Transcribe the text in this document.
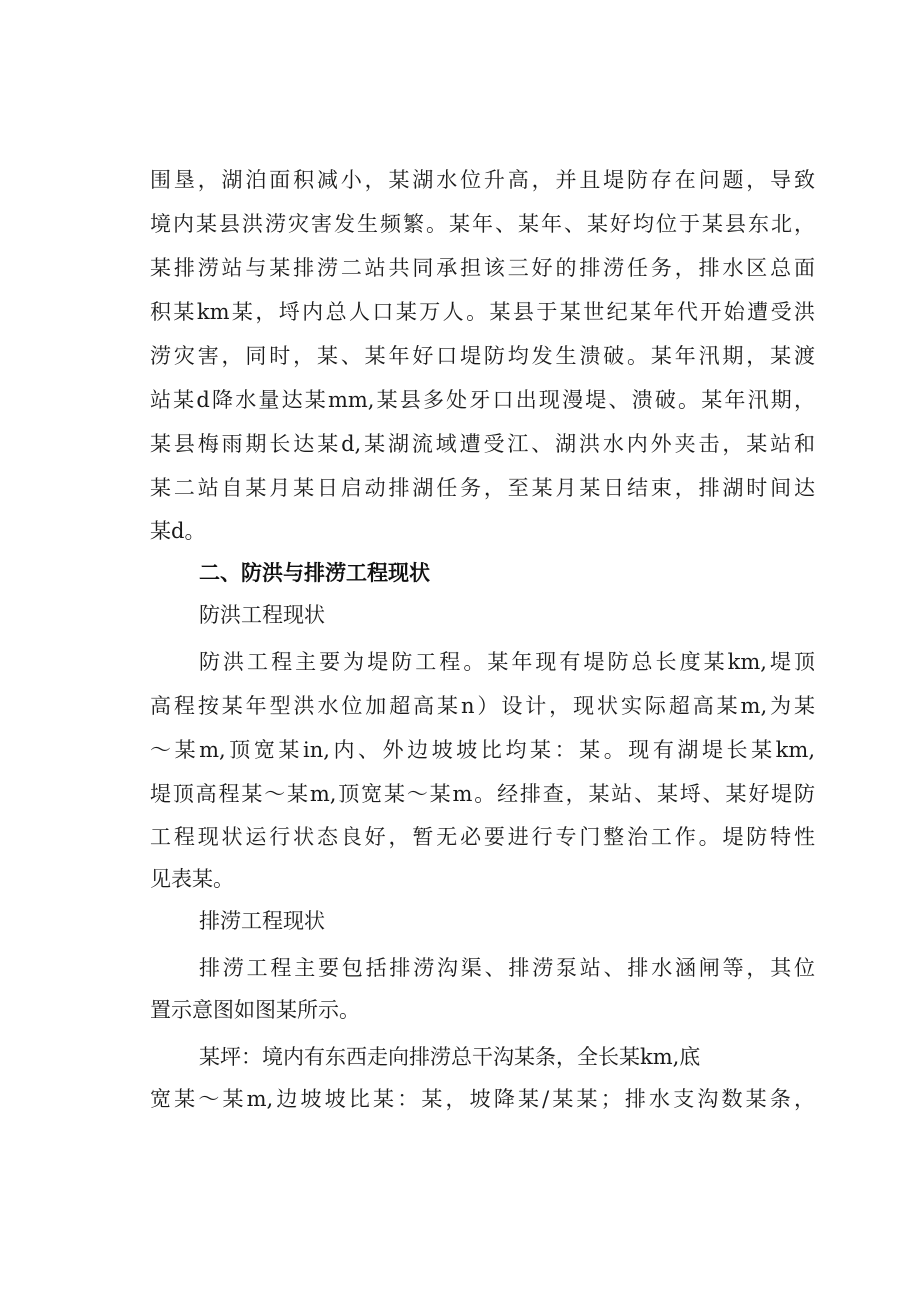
围垦，湖泊面积减小，某湖水位升高，并且堤防存在问题，导致
境内某县洪涝灾害发生频繁。某年、某年、某好均位于某县东北，
某排涝站与某排涝二站共同承担该三好的排涝任务，排水区总面
积某km某，埒内总人口某万人。某县于某世纪某年代开始遭受洪
涝灾害，同时，某、某年好口堤防均发生溃破。某年汛期，某渡
站某d降水量达某mm,某县多处牙口出现漫堤、溃破。某年汛期，
某县梅雨期长达某d,某湖流域遭受江、湖洪水内外夹击，某站和
某二站自某月某日启动排湖任务，至某月某日结束，排湖时间达
某d。
二、防洪与排涝工程现状
防洪工程现状
防洪工程主要为堤防工程。某年现有堤防总长度某km,堤顶
高程按某年型洪水位加超高某n）设计，现状实际超高某m,为某
～某m,顶宽某in,内、外边坡坡比均某：某。现有湖堤长某km,
堤顶高程某～某m,顶宽某～某m。经排查，某站、某埒、某好堤防
工程现状运行状态良好，暂无必要进行专门整治工作。堤防特性
见表某。
排涝工程现状
排涝工程主要包括排涝沟渠、排涝泵站、排水涵闸等，其位
置示意图如图某所示。
某坪：境内有东西走向排涝总干沟某条，全长某km,底
宽某～某m,边坡坡比某：某，坡降某/某某；排水支沟数某条，
